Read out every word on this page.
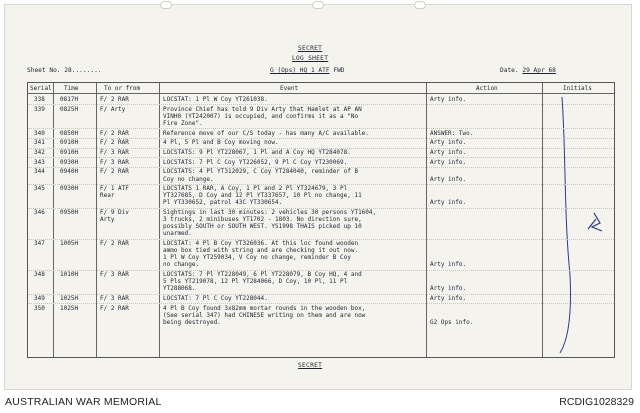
SECRET
LOG SHEET
Sheet No. 28........	G (Ops) HQ 1 ATF FWD	Date. 29 Apr 68
Serial Time	To or from	Event	Action	Initials
338	0817H	F/ 2 RAR	LOCSTAT: 1 Pl W Coy YT261038.	Arty info.
339	0825H	F/ Arty	Province Chief has told 9 Div Arty that Hamlet at AP AN
VINH0 (YT242007) is occupied, and confirms it as a "No
Fire Zone".
340	0850H	F/ 2 RAR	Reference move of our C/S today - has many A/C available.	ANSWER: Two.
341	0910H	F/ 2 RAR	4 Pl, 5 Pl and B Coy moving now.	Arty info.
342	0910H	F/ 3 RAR	LOCSTATS: 9 Pl YT228067, 1 Pl and A Coy HQ YT284078.	Arty info.
343	0930H	F/ 3 RAR	LOCSTATS: 7 Pl C Coy YT226052, 9 Pl C Coy YT230069.	Arty info.
344	0940H	F/ 2 RAR	LOCSTATS: 4 Pl YT312029, C Coy YT284040, reminder of B
Coy no change.	Arty info.
345	0930H	F/ 1 ATF
Rear
LOCSTATS 1 RAR, A Coy, 1 Pl and 2 Pl YT324679, 3 Pl
YT327685, D Coy and 12 Pl YT337657, 10 Pl no change, 11
Pl YT330652, patrol 43C YT330654.	Arty info.
346	0950H	F/ 9 Div
Arty
Sightings in last 30 minutes: 2 vehicles 30 persons YT1604,
3 trucks, 2 minibuses YT1702 - 1803. No direction sure,
possibly SOUTH or SOUTH WEST. YS1998 THAIS picked up 10
unarmed.
347	1005H	F/ 2 RAR	LOCSTAT: 4 Pl B Coy YT326036. At this loc found wooden
ammo box tied with string and are checking it out now.
1 Pl W Coy YT259034, V Coy no change, reminder B Coy
no change.	Arty info.
348	1010H	F/ 3 RAR	LOCSTATS: 7 Pl YT228049, 6 Pl YT228079, B Coy HQ, 4 and
5 Pls YT219078, 12 Pl YT284066, D Coy, 10 Pl, 11 Pl
YT288068.	Arty info.
349	1025H	F/ 3 RAR	LOCSTAT: 7 Pl C Coy YT228044.	Arty info.
350	1025H	F/ 2 RAR	4 Pl B Coy found 3x82mm mortar rounds in the wooden box,
(See serial 347) had CHINESE writing on them and are now
being destroyed.	G2 Ops info.
SECRET
AUSTRALIAN WAR MEMORIAL	RCDIG1028329
